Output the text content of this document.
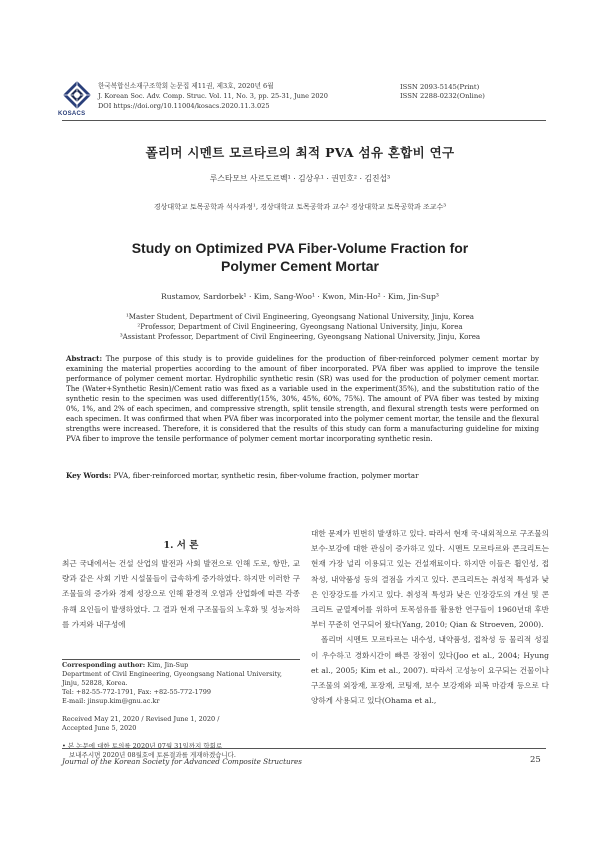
KOSACS
한국복합신소재구조학회 논문집 제11권, 제3호, 2020년 6월
J. Korean Soc. Adv. Comp. Struc. Vol. 11, No. 3, pp. 25-31, June 2020
DOI https://doi.org/10.11004/kosacs.2020.11.3.025
ISSN 2093-5145(Print)
ISSN 2288-0232(Online)
폴리머 시멘트 모르타르의 최적 PVA 섬유 혼합비 연구
루스타모브 사르도르벡¹ · 김상우¹ · 권민호² · 김진섭³
경상대학교 토목공학과 석사과정¹, 경상대학교 토목공학과 교수² 경상대학교 토목공학과 조교수³
Study on Optimized PVA Fiber-Volume Fraction for
Polymer Cement Mortar
Rustamov, Sardorbek¹ · Kim, Sang-Woo¹ · Kwon, Min-Ho² · Kim, Jin-Sup³
¹Master Student, Department of Civil Engineering, Gyeongsang National University, Jinju, Korea
²Professor, Department of Civil Engineering, Gyeongsang National University, Jinju, Korea
³Assistant Professor, Department of Civil Engineering, Gyeongsang National University, Jinju, Korea
Abstract: The purpose of this study is to provide guidelines for the production of fiber-reinforced polymer cement mortar by examining the material properties according to the amount of fiber incorporated. PVA fiber was applied to improve the tensile performance of polymer cement mortar. Hydrophilic synthetic resin (SR) was used for the production of polymer cement mortar. The (Water+Synthetic Resin)/Cement ratio was fixed as a variable used in the experiment(35%), and the substitution ratio of the synthetic resin to the specimen was used differently(15%, 30%, 45%, 60%, 75%). The amount of PVA fiber was tested by mixing 0%, 1%, and 2% of each specimen, and compressive strength, split tensile strength, and flexural strength tests were performed on each specimen. It was confirmed that when PVA fiber was incorporated into the polymer cement mortar, the tensile and the flexural strengths were increased. Therefore, it is considered that the results of this study can form a manufacturing guideline for mixing PVA fiber to improve the tensile performance of polymer cement mortar incorporating synthetic resin.
Key Words: PVA, fiber-reinforced mortar, synthetic resin, fiber-volume fraction, polymer mortar
1. 서 론

최근 국내에서는 건설 산업의 발전과 사회 발전으로 인해 도로, 항만, 교량과 같은 사회 기반 시설물들이 급속하게 증가하였다. 하지만 이러한 구조물들의 증가와 경제 성장으로 인해 환경적 오염과 산업화에 따른 각종 유해 요인들이 발생하였다. 그 결과 현재 구조물들의 노후화 및 성능저하를 가져와 내구성에

대한 문제가 빈번히 발생하고 있다. 따라서 현재 국·내외적으로 구조물의 보수·보강에 대한 관심이 증가하고 있다. 시멘트 모르타르와 콘크리트는 현재 가장 널리 이용되고 있는 건설재료이다. 하지만 이들은 휨인성, 접착성, 내약품성 등의 결점을 가지고 있다. 콘크리트는 취성적 특성과 낮은 인장강도를 가지고 있다. 취성적 특성과 낮은 인장강도의 개선 및 콘크리트 균열제어를 위하여 토목섬유를 활용한 연구들이 1960년대 후반부터 꾸준히 연구되어 왔다(Yang, 2010; Qian & Stroeven, 2000).

폴리머 시멘트 모르타르는 내수성, 내약품성, 접착성 등 물리적 성질이 우수하고 경화시간이 빠른 장점이 있다(Joo et al., 2004; Hyung et al., 2005; Kim et al., 2007). 따라서 고성능이 요구되는 건물이나 구조물의 외장재, 포장재, 코팅재, 보수 보강재와 피복 마감재 등으로 다양하게 사용되고 있다(Ohama et al.,

Corresponding author: Kim, Jin-Sup
Department of Civil Engineering, Gyeongsang National University,
Jinju, 52828, Korea.
Tel: +82-55-772-1791, Fax: +82-55-772-1799
E-mail: jinsup.kim@gnu.ac.kr
Received May 21, 2020 / Revised June 1, 2020 /
Accepted June 5, 2020
• 본 논문에 대한 토의를 2020년 07월 31일까지 학회로
보내주시면 2020년 08월호에 토론결과를 게재하겠습니다.
Journal of the Korean Society for Advanced Composite Structures	25
